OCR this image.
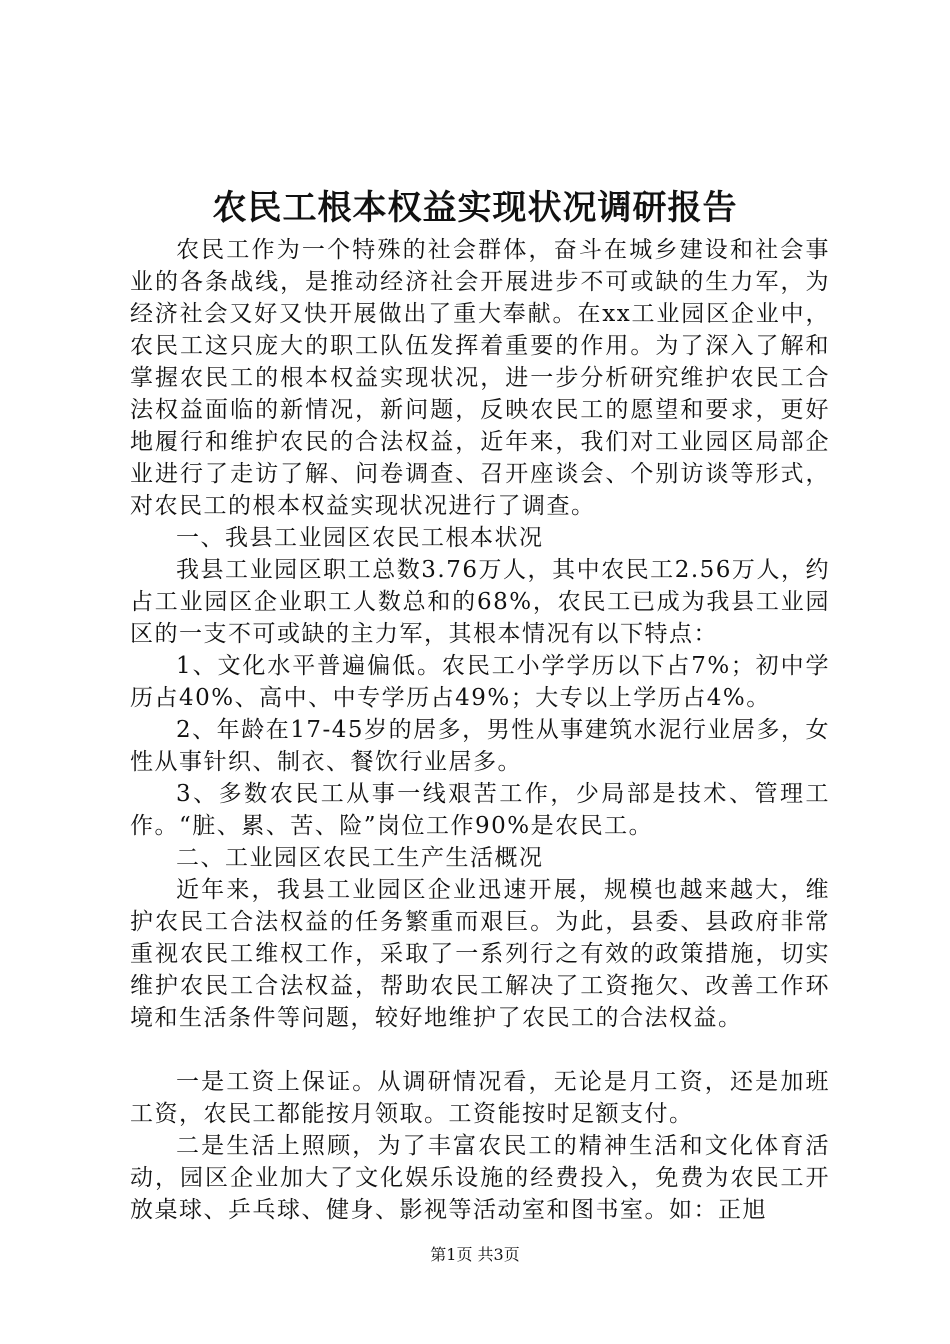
农民工根本权益实现状况调研报告

农民工作为一个特殊的社会群体，奋斗在城乡建设和社会事业的各条战线，是推动经济社会开展进步不可或缺的生力军，为经济社会又好又快开展做出了重大奉献。在xx工业园区企业中，农民工这只庞大的职工队伍发挥着重要的作用。为了深入了解和掌握农民工的根本权益实现状况，进一步分析研究维护农民工合法权益面临的新情况，新问题，反映农民工的愿望和要求，更好地履行和维护农民的合法权益，近年来，我们对工业园区局部企业进行了走访了解、问卷调查、召开座谈会、个别访谈等形式，对农民工的根本权益实现状况进行了调查。

一、我县工业园区农民工根本状况

我县工业园区职工总数3.76万人，其中农民工2.56万人，约占工业园区企业职工人数总和的68%，农民工已成为我县工业园区的一支不可或缺的主力军，其根本情况有以下特点：

1、文化水平普遍偏低。农民工小学学历以下占7%；初中学历占40%、高中、中专学历占49%；大专以上学历占4%。

2、年龄在17-45岁的居多，男性从事建筑水泥行业居多，女性从事针织、制衣、餐饮行业居多。

3、多数农民工从事一线艰苦工作，少局部是技术、管理工作。“脏、累、苦、险”岗位工作90%是农民工。

二、工业园区农民工生产生活概况

近年来，我县工业园区企业迅速开展，规模也越来越大，维护农民工合法权益的任务繁重而艰巨。为此，县委、县政府非常重视农民工维权工作，采取了一系列行之有效的政策措施，切实维护农民工合法权益，帮助农民工解决了工资拖欠、改善工作环境和生活条件等问题，较好地维护了农民工的合法权益。

一是工资上保证。从调研情况看，无论是月工资，还是加班工资，农民工都能按月领取。工资能按时足额支付。

二是生活上照顾，为了丰富农民工的精神生活和文化体育活动，园区企业加大了文化娱乐设施的经费投入，免费为农民工开放桌球、乒乓球、健身、影视等活动室和图书室。如：正旭

第1页 共3页
